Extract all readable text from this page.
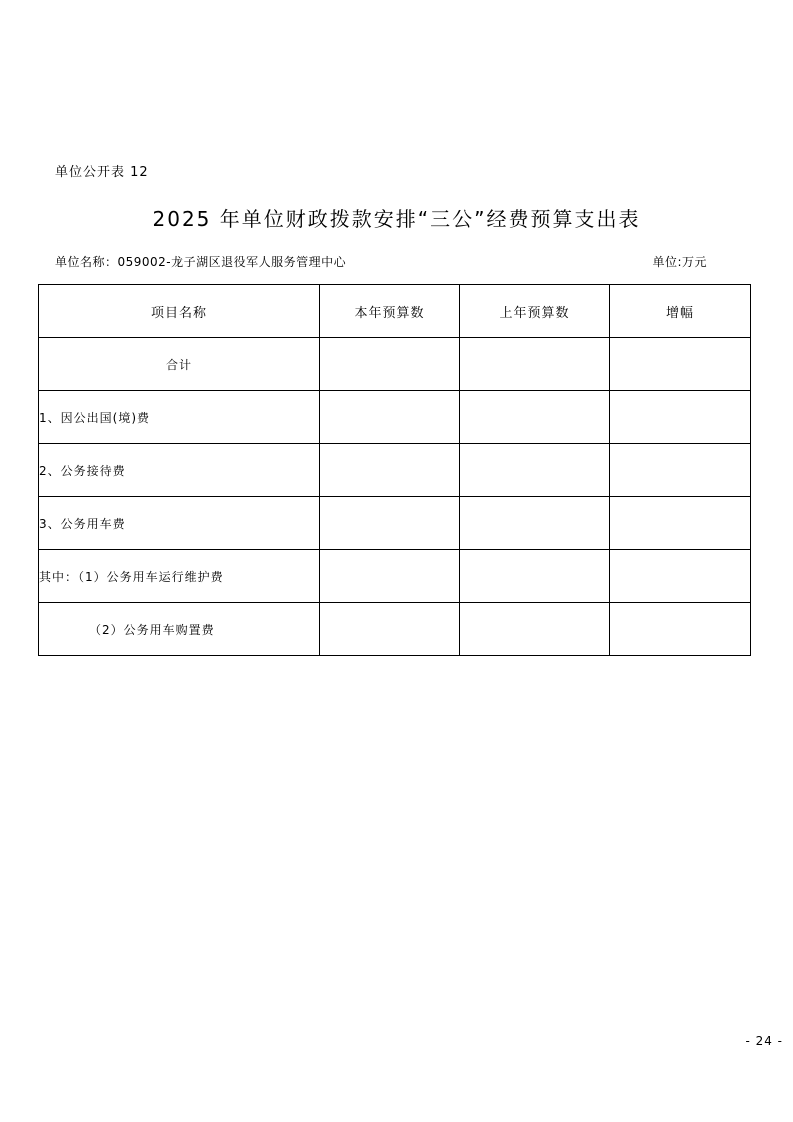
单位公开表 12
2025 年单位财政拨款安排“三公”经费预算支出表
单位名称：059002-龙子湖区退役军人服务管理中心	单位:万元
项目名称	本年预算数	上年预算数	增幅
合计			
1、因公出国(境)费			
2、公务接待费			
3、公务用车费			
其中：（1）公务用车运行维护费			
（2）公务用车购置费			
- 24 -
